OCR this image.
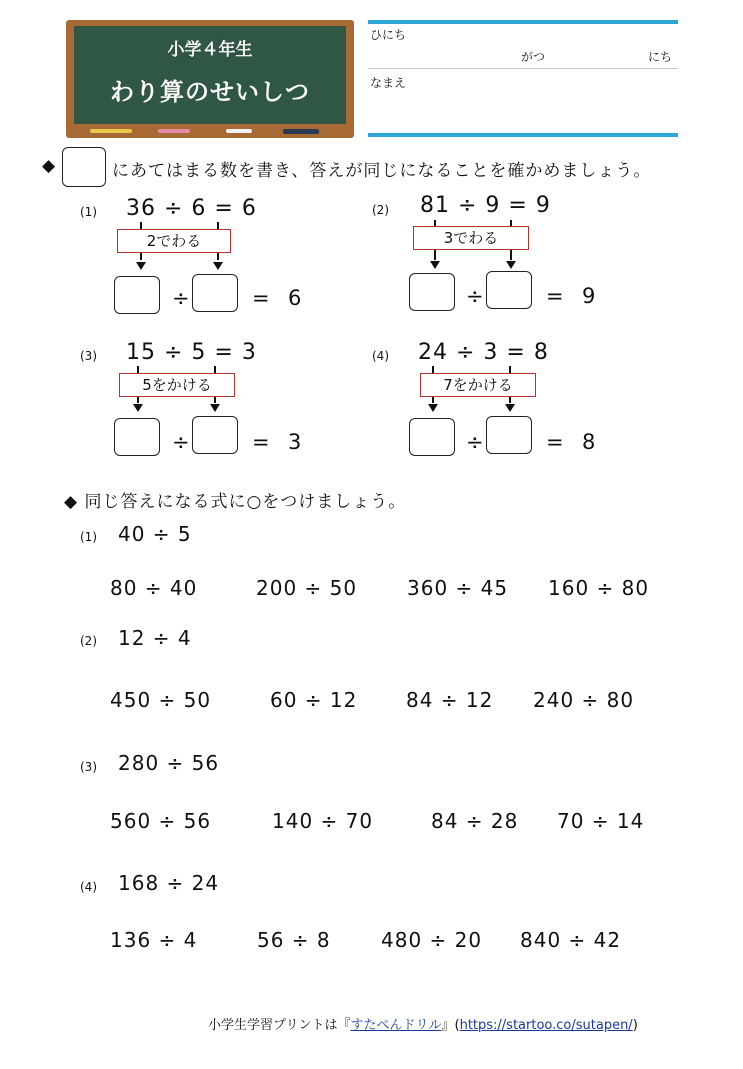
小学４年生
わり算のせいしつ
ひにち
がつ	にち
なまえ
◆	にあてはまる数を書き、答えが同じになることを確かめましょう。
(1) 36 ÷ 6 = 6
2でわる
÷	= 6
(2) 81 ÷ 9 = 9
3でわる
÷	= 9
(3) 15 ÷ 5 = 3
5をかける
÷	= 3
(4) 24 ÷ 3 = 8
7をかける
÷	= 8
◆ 同じ答えになる式に○をつけましょう。
(1) 40 ÷ 5
80 ÷ 40	200 ÷ 50 360 ÷ 45 160 ÷ 80
(2) 12 ÷ 4
450 ÷ 50	60 ÷ 12 84 ÷ 12 240 ÷ 80
(3) 280 ÷ 56
560 ÷ 56	140 ÷ 70	84 ÷ 28 70 ÷ 14
(4) 168 ÷ 24
136 ÷ 4	56 ÷ 8	480 ÷ 20 840 ÷ 42
小学生学習プリントは『すたぺんドリル』(https://startoo.co/sutapen/)
